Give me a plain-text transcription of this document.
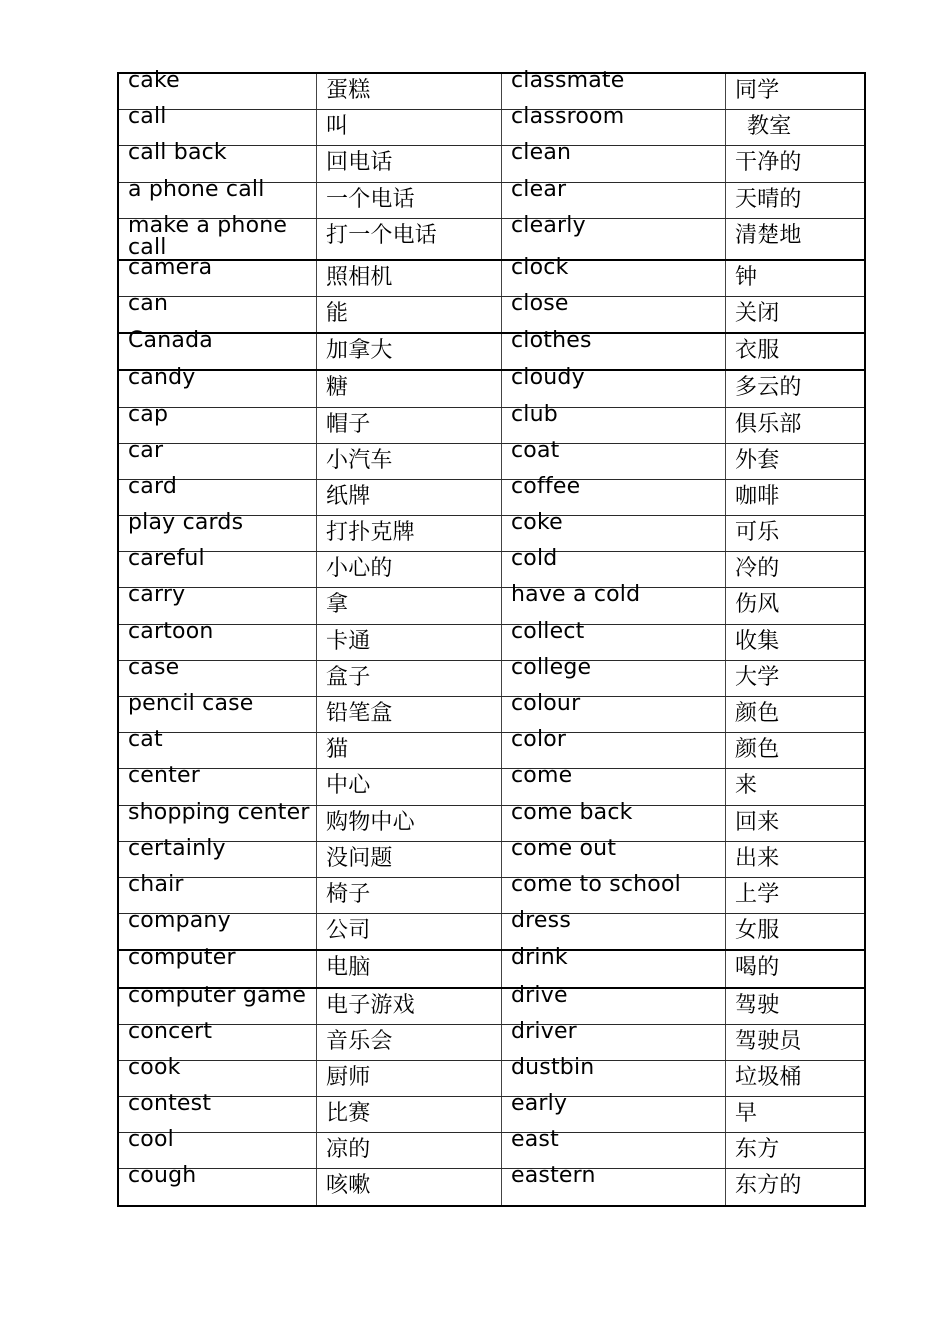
cake	蛋糕	classmate	同学

call	叫	classroom	教室

call back	回电话	clean	干净的

a phone call	一个电话	clear	天晴的

make a phone call	打一个电话	clearly	清楚地

camera	照相机	clock	钟

can	能	close	关闭

Canada	加拿大	clothes	衣服

candy	糖	cloudy	多云的

cap	帽子	club	俱乐部

car	小汽车	coat	外套

card	纸牌	coffee	咖啡

play cards	打扑克牌	coke	可乐

careful	小心的	cold	冷的

carry	拿	have a cold	伤风

cartoon	卡通	collect	收集

case	盒子	college	大学

pencil case	铅笔盒	colour	颜色

cat	猫	color	颜色

center	中心	come	来

shopping center	购物中心	come back	回来

certainly	没问题	come out	出来

chair	椅子	come to school	上学

company	公司	dress	女服

computer	电脑	drink	喝的

computer game	电子游戏	drive	驾驶

concert	音乐会	driver	驾驶员

cook	厨师	dustbin	垃圾桶

contest	比赛	early	早

cool	凉的	east	东方

cough	咳嗽	eastern	东方的
